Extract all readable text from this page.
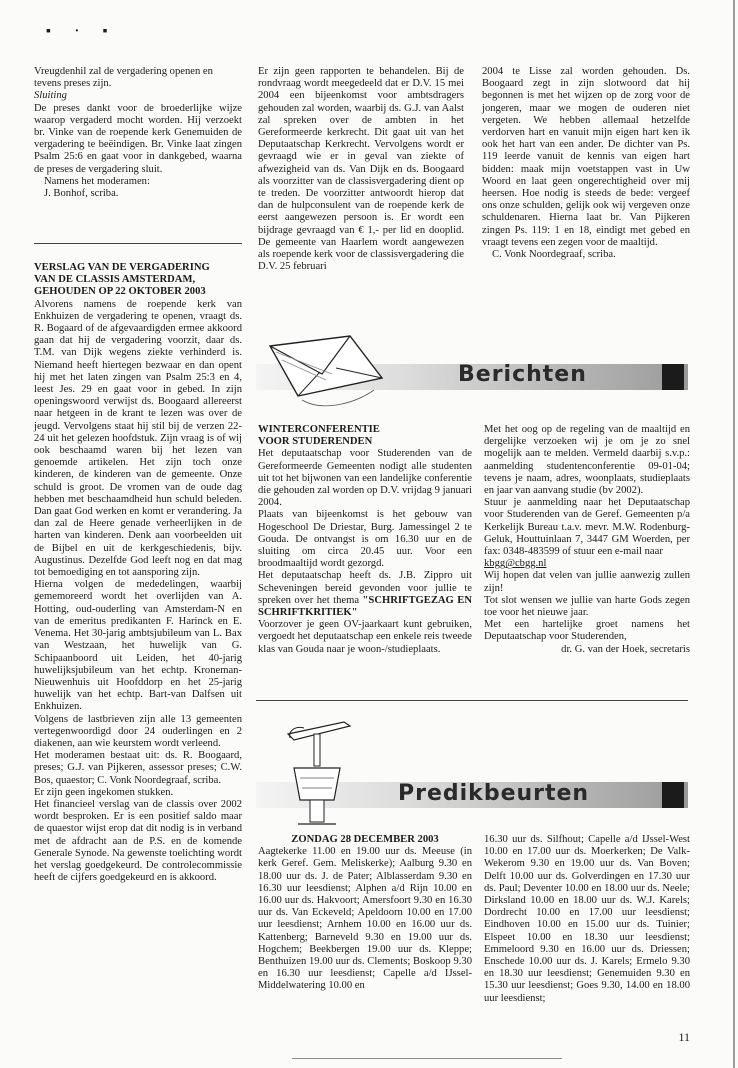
▪ · ▪

Vreugdenhil zal de vergadering openen en

tevens preses zijn.

Sluiting

De preses dankt voor de broederlijke wijze waarop vergaderd mocht worden. Hij verzoekt br. Vinke van de roepende kerk Genemuiden de vergadering te beëindigen. Br. Vinke laat zingen Psalm 25:6 en gaat voor in dankgebed, waarna de preses de vergadering sluit.

Namens het moderamen:

J. Bonhof, scriba.

VERSLAG VAN DE VERGADERING

VAN DE CLASSIS AMSTERDAM,

GEHOUDEN OP 22 OKTOBER 2003

Alvorens namens de roepende kerk van Enkhuizen de vergadering te openen, vraagt ds. R. Bogaard of de afgevaardigden ermee akkoord gaan dat hij de vergadering voorzit, daar ds. T.M. van Dijk wegens ziekte verhinderd is. Niemand heeft hiertegen bezwaar en dan opent hij met het laten zingen van Psalm 25:3 en 4, leest Jes. 29 en gaat voor in gebed. In zijn openingswoord verwijst ds. Boogaard allereerst naar hetgeen in de krant te lezen was over de jeugd. Vervolgens staat hij stil bij de verzen 22-24 uit het gelezen hoofdstuk. Zijn vraag is of wij ook beschaamd waren bij het lezen van genoemde artikelen. Het zijn toch onze kinderen, de kinderen van de gemeente. Onze schuld is groot. De vromen van de oude dag hebben met beschaamdheid hun schuld beleden. Dan gaat God werken en komt er verandering. Ja dan zal de Heere genade verheerlijken in de harten van kinderen. Denk aan voorbeelden uit de Bijbel en uit de kerkgeschiedenis, bijv. Augustinus. Dezelfde God leeft nog en dat mag tot bemoediging en tot aansporing zijn.

Hierna volgen de mededelingen, waarbij gememoreerd wordt het overlijden van A. Hotting, oud-ouderling van Amsterdam-N en van de emeritus predikanten F. Harinck en E. Venema. Het 30-jarig ambtsjubileum van L. Bax van Westzaan, het huwelijk van G. Schipaanboord uit Leiden, het 40-jarig huwelijksjubileum van het echtp. Kroneman-Nieuwenhuis uit Hoofddorp en het 25-jarig huwelijk van het echtp. Bart-van Dalfsen uit Enkhuizen.

Volgens de lastbrieven zijn alle 13 gemeenten vertegenwoordigd door 24 ouderlingen en 2 diakenen, aan wie keurstem wordt verleend.

Het moderamen bestaat uit: ds. R. Boogaard, preses; G.J. van Pijkeren, assessor preses; C.W. Bos, quaestor; C. Vonk Noordegraaf, scriba.

Er zijn geen ingekomen stukken.

Het financieel verslag van de classis over 2002 wordt besproken. Er is een positief saldo maar de quaestor wijst erop dat dit nodig is in verband met de afdracht aan de P.S. en de komende Generale Synode. Na gewenste toelichting wordt het verslag goedgekeurd. De controlecommissie heeft de cijfers goedgekeurd en is akkoord.

Er zijn geen rapporten te behandelen. Bij de rondvraag wordt meegedeeld dat er D.V. 15 mei 2004 een bijeenkomst voor ambtsdragers gehouden zal worden, waarbij ds. G.J. van Aalst zal spreken over de ambten in het Gereformeerde kerkrecht. Dit gaat uit van het Deputaatschap Kerkrecht. Vervolgens wordt er gevraagd wie er in geval van ziekte of afwezigheid van ds. Van Dijk en ds. Boogaard als voorzitter van de classisvergadering dient op te treden. De voorzitter antwoordt hierop dat dan de hulpconsulent van de roepende kerk de eerst aangewezen persoon is. Er wordt een bijdrage gevraagd van € 1,- per lid en dooplid. De gemeente van Haarlem wordt aangewezen als roepende kerk voor de classisvergadering die D.V. 25 februari

2004 te Lisse zal worden gehouden. Ds. Boogaard zegt in zijn slotwoord dat hij begonnen is met het wijzen op de zorg voor de jongeren, maar we mogen de ouderen niet vergeten. We hebben allemaal hetzelfde verdorven hart en vanuit mijn eigen hart ken ik ook het hart van een ander. De dichter van Ps. 119 leerde vanuit de kennis van eigen hart bidden: maak mijn voetstappen vast in Uw Woord en laat geen ongerechtigheid over mij heersen. Hoe nodig is steeds de bede: vergeef ons onze schulden, gelijk ook wij vergeven onze schuldenaren. Hierna laat br. Van Pijkeren zingen Ps. 119: 1 en 18, eindigt met gebed en vraagt tevens een zegen voor de maaltijd.

C. Vonk Noordegraaf, scriba.

Berichten

WINTERCONFERENTIE

VOOR STUDERENDEN

Het deputaatschap voor Studerenden van de Gereformeerde Gemeenten nodigt alle studenten uit tot het bijwonen van een landelijke conferentie die gehouden zal worden op D.V. vrijdag 9 januari 2004.

Plaats van bijeenkomst is het gebouw van Hogeschool De Driestar, Burg. Jamessingel 2 te Gouda. De ontvangst is om 16.30 uur en de sluiting om circa 20.45 uur. Voor een broodmaaltijd wordt gezorgd.

Het deputaatschap heeft ds. J.B. Zippro uit Scheveningen bereid gevonden voor jullie te spreken over het thema "SCHRIFTGEZAG EN SCHRIFTKRITIEK"

Voorzover je geen OV-jaarkaart kunt gebruiken, vergoedt het deputaatschap een enkele reis tweede klas van Gouda naar je woon-/studieplaats.

Met het oog op de regeling van de maaltijd en dergelijke verzoeken wij je om je zo snel mogelijk aan te melden. Vermeld daarbij s.v.p.: aanmelding studentenconferentie 09-01-04; tevens je naam, adres, woonplaats, studieplaats en jaar van aanvang studie (bv 2002).

Stuur je aanmelding naar het Deputaatschap voor Studerenden van de Geref. Gemeenten p/a Kerkelijk Bureau t.a.v. mevr. M.W. Rodenburg-Geluk, Houttuinlaan 7, 3447 GM Woerden, per fax: 0348-483599 of stuur een e-mail naar

kbgg@cbgg.nl

Wij hopen dat velen van jullie aanwezig zullen zijn!

Tot slot wensen we jullie van harte Gods zegen toe voor het nieuwe jaar.

Met een hartelijke groet namens het Deputaatschap voor Studerenden,

dr. G. van der Hoek, secretaris

Predikbeurten

ZONDAG 28 DECEMBER 2003

Aagtekerke 11.00 en 19.00 uur ds. Meeuse (in kerk Geref. Gem. Meliskerke); Aalburg 9.30 en 18.00 uur ds. J. de Pater; Alblasserdam 9.30 en 16.30 uur leesdienst; Alphen a/d Rijn 10.00 en 16.00 uur ds. Hakvoort; Amersfoort 9.30 en 16.30 uur ds. Van Eckeveld; Apeldoorn 10.00 en 17.00 uur leesdienst; Arnhem 10.00 en 16.00 uur ds. Kattenberg; Barneveld 9.30 en 19.00 uur ds. Hogchem; Beekbergen 19.00 uur ds. Kleppe; Benthuizen 19.00 uur ds. Clements; Boskoop 9.30 en 16.30 uur leesdienst; Capelle a/d IJssel-Middelwatering 10.00 en

16.30 uur ds. Silfhout; Capelle a/d IJssel-West 10.00 en 17.00 uur ds. Moerkerken; De Valk-Wekerom 9.30 en 19.00 uur ds. Van Boven; Delft 10.00 uur ds. Golverdingen en 17.30 uur ds. Paul; Deventer 10.00 en 18.00 uur ds. Neele; Dirksland 10.00 en 18.00 uur ds. W.J. Karels; Dordrecht 10.00 en 17.00 uur leesdienst; Eindhoven 10.00 en 15.00 uur ds. Tuinier; Elspeet 10.00 en 18.30 uur leesdienst; Emmeloord 9.30 en 16.00 uur ds. Driessen; Enschede 10.00 uur ds. J. Karels; Ermelo 9.30 en 18.30 uur leesdienst; Genemuiden 9.30 en 15.30 uur leesdienst; Goes 9.30, 14.00 en 18.00 uur leesdienst;

11
